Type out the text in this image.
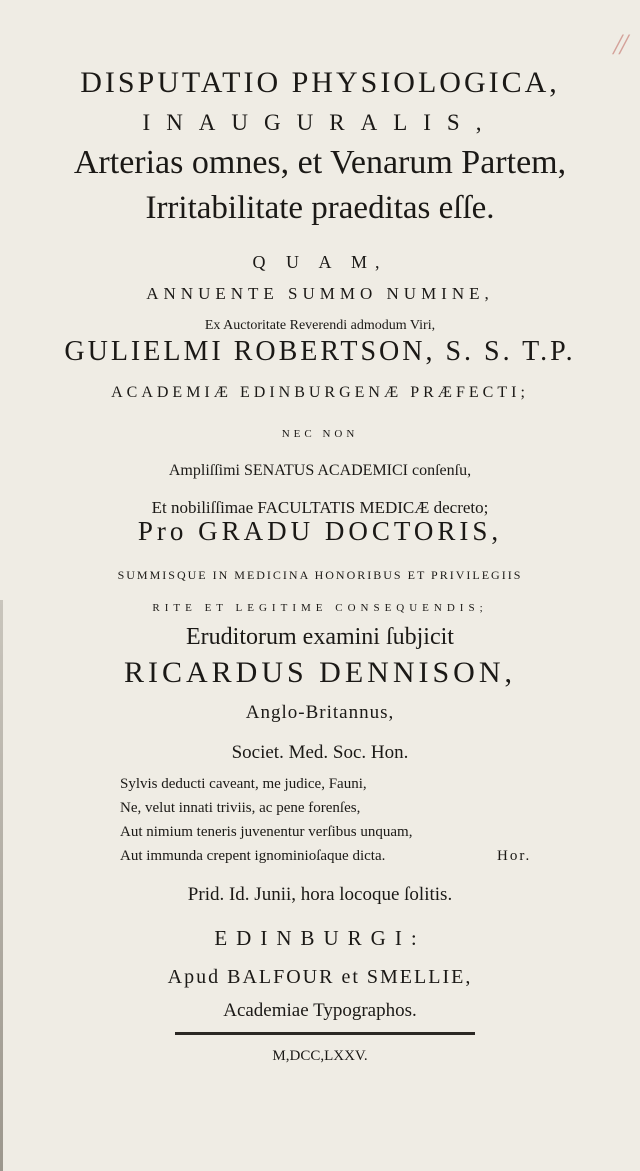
//

DISPUTATIO PHYSIOLOGICA,

INAUGURALIS,

Arterias omnes, et Venarum Partem,

Irritabilitate praeditas eſſe.

Q U A M,

ANNUENTE SUMMO NUMINE,

Ex Auctoritate Reverendi admodum Viri,

GULIELMI ROBERTSON, S. S. T.P.

ACADEMIÆ EDINBURGENÆ PRÆFECTI;

NEC NON

Ampliſſimi SENATUS ACADEMICI conſenſu,

Et nobiliſſimae FACULTATIS MEDICÆ decreto;

Pro GRADU DOCTORIS,

SUMMISQUE IN MEDICINA HONORIBUS ET PRIVILEGIIS

RITE ET LEGITIME CONSEQUENDIS;

Eruditorum examini ſubjicit

RICARDUS DENNISON,

Anglo-Britannus,

Societ. Med. Soc. Hon.

Sylvis deducti caveant, me judice, Fauni,

Ne, velut innati triviis, ac pene forenſes,

Aut nimium teneris juvenentur verſibus unquam,

Aut immunda crepent ignominioſaque dicta.	Hor.

Prid. Id. Junii, hora locoque ſolitis.

EDINBURGI:

Apud BALFOUR et SMELLIE,

Academiae Typographos.

M,DCC,LXXV.
